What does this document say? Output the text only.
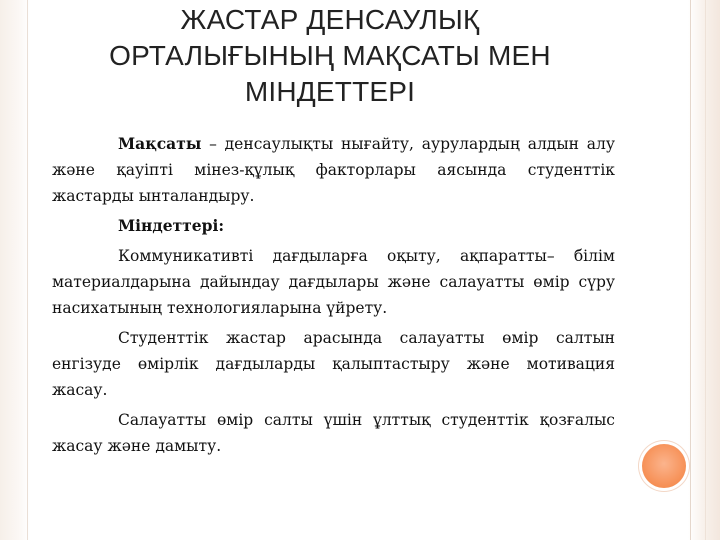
ЖАСТАР ДЕНСАУЛЫҚ
ОРТАЛЫҒЫНЫҢ МАҚСАТЫ МЕН
МІНДЕТТЕРІ

Мақсаты – денсаулықты нығайту, аурулардың алдын алу және қауіпті мінез-құлық факторлары аясында студенттік жастарды ынталандыру.

Міндеттері:

Коммуникативті дағдыларға оқыту, ақпаратты– білім материалдарына дайындау дағдылары және салауатты өмір сүру насихатының технологияларына үйрету.

Студенттік жастар арасында салауатты өмір салтын енгізуде өмірлік дағдыларды қалыптастыру және мотивация жасау.

Салауатты өмір салты үшін ұлттық студенттік қозғалыс жасау және дамыту.
